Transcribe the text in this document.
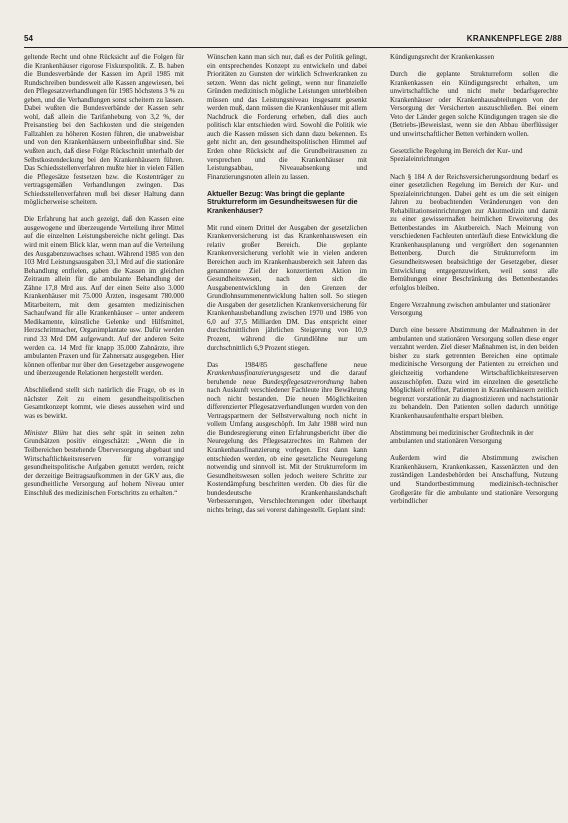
54	KRANKENPFLEGE 2/88

geltende Recht und ohne Rücksicht auf die Folgen für die Krankenhäuser rigorose Fixkurspolitik. Z. B. haben die Bundesverbände der Kassen im April 1985 mit Rundschreiben bundesweit alle Kassen angewiesen, bei den Pflegesatzverhandlungen für 1985 höchstens 3 % zu geben, und die Verhandlungen sonst scheitern zu lassen. Dabei wußten die Bundesverbände der Kassen sehr wohl, daß allein die Tarifanhebung von 3,2 %, der Preisanstieg bei den Sachkosten und die steigenden Fallzahlen zu höheren Kosten führen, die unabweisbar und von den Krankenhäusern unbeeinflußbar sind. Sie wußten auch, daß diese Folge Rückschnitt unterhalb der Selbstkostendeckung bei den Krankenhäusern führen. Das Schiedsstellenverfahren mußte hier in vielen Fällen die Pflegesätze festsetzen bzw. die Kostenträger zu vertragsgemäßen Verhandlungen zwingen. Das Schiedsstellenverfahren muß bei dieser Haltung dann möglicherweise scheitern.

Die Erfahrung hat auch gezeigt, daß den Kassen eine ausgewogene und überzeugende Verteilung ihrer Mittel auf die einzelnen Leistungsbereiche nicht gelingt. Das wird mit einem Blick klar, wenn man auf die Verteilung des Ausgabenzuwachses schaut. Während 1985 von den 103 Mrd Leistungsausgaben 33,1 Mrd auf die stationäre Behandlung entfielen, gaben die Kassen im gleichen Zeitraum allein für die ambulante Behandlung der Zähne 17,8 Mrd aus. Auf der einen Seite also 3.000 Krankenhäuser mit 75.000 Ärzten, insgesamt 780.000 Mitarbeitern, mit dem gesamten medizinischen Sachaufwand für alle Krankenhäuser – unter anderem Medikamente, künstliche Gelenke und Hilfsmittel, Herzschrittmacher, Organimplantate usw. Dafür werden rund 33 Mrd DM aufgewandt. Auf der anderen Seite werden ca. 14 Mrd für knapp 35.000 Zahnärzte, ihre ambulanten Praxen und für Zahnersatz ausgegeben. Hier können offenbar nur über den Gesetzgeber ausgewogene und überzeugende Relationen hergestellt werden.

Abschließend stellt sich natürlich die Frage, ob es in nächster Zeit zu einem gesundheitspolitischen Gesamtkonzept kommt, wie dieses aussehen wird und was es bewirkt.

Minister Blüm hat dies sehr spät in seinen zehn Grundsätzen positiv eingeschätzt: „Wenn die in Teilbereichen bestehende Überversorgung abgebaut und Wirtschaftlichkeitsreserven für vorrangige gesundheitspolitische Aufgaben genutzt werden, reicht der derzeitige Beitragsaufkommen in der GKV aus, die gesundheitliche Versorgung auf hohem Niveau unter Einschluß des medizinischen Fortschritts zu erhalten.“

Wünschen kann man sich nur, daß es der Politik gelingt, ein entsprechendes Konzept zu entwickeln und dabei Prioritäten zu Gunsten der wirklich Schwerkranken zu setzen. Wenn das nicht gelingt, wenn nur finanzielle Gründen medizinisch mögliche Leistungen unterbleiben müssen und das Leistungsniveau insgesamt gesenkt werden muß, dann müssen die Krankenhäuser mit allem Nachdruck die Forderung erheben, daß dies auch politisch klar entschieden wird. Sowohl die Politik wie auch die Kassen müssen sich dann dazu bekennen. Es geht nicht an, den gesundheitspolitischen Himmel auf Erden ohne Rücksicht auf die Grundbeitrausmen zu versprechen und die Krankenhäuser mit Leistungsabbau, Niveauabsenkung und Finanzierungsnoten allein zu lassen.

Aktueller Bezug: Was bringt die geplante Strukturreform im Gesundheitswesen für die Krankenhäuser?

Mit rund einem Drittel der Ausgaben der gesetzlichen Krankenversicherung ist das Krankenhauswesen ein relativ großer Bereich. Die geplante Krankenversicherung verlohlt wie in vielen anderen Bereichen auch im Krankenhausbereich seit Jahren das genannnene Ziel der konzertierten Aktion im Gesundheitswesen, nach dem sich die Ausgabenentwicklung in den Grenzen der Grundlohnsummenentwicklung halten soll. So stiegen die Ausgaben der gesetzlichen Krankenversicherung für Krankenhausbehandlung zwischen 1970 und 1986 von 6,0 auf 37,5 Milliarden DM. Das entspricht einer durchschnittlichen jährlichen Steigerung von 10,9 Prozent, während die Grundlöhne nur um durchschnittlich 6,9 Prozent stiegen.

Das 1984/85 geschaffene neue Krankenhausfinanzierungsgesetz und die darauf beruhende neue Bundespflegesatzverordnung haben nach Auskunft verschiedener Fachleute ihre Bewährung noch nicht bestanden. Die neuen Möglichkeiten differenzierter Pflegesatzverhandlungen wurden von den Vertragspartnern der Selbstverwaltung noch nicht in vollem Umfang ausgeschöpft. Im Jahr 1988 wird nun die Bundesregierung einen Erfahrungsbericht über die Neuregelung des Pflegesatzrechtes im Rahmen der Krankenhausfinanzierung vorlegen. Erst dann kann entschieden werden, ob eine gesetzliche Neuregelung notwendig und sinnvoll ist. Mit der Strukturreform im Gesundheitswesen sollen jedoch weitere Schritte zur Kostendämpfung beschritten werden. Ob dies für die bundesdeutsche Krankenhauslandschaft Verbesserungen, Verschlechterungen oder überhaupt nichts bringt, das sei vorerst dahingestellt. Geplant sind:

Kündigungsrecht der Krankenkassen

Durch die geplante Strukturreform sollen die Krankenkassen ein Kündigungsrecht erhalten, um unwirtschaftliche und nicht mehr bedarfsgerechte Krankenhäuser oder Krankenhausabteilungen von der Versorgung der Versicherten auszuschließen. Bei einem Veto der Länder gegen solche Kündigungen tragen sie die (Betriebs-)Beweislast, wenn sie den Abbau überflüssiger und unwirtschaftlicher Betten verhindern wollen.

Gesetzliche Regelung im Bereich der Kur- und Spezialeinrichtungen

Nach § 184 A der Reichsversicherungsordnung bedarf es einer gesetzlichen Regelung im Bereich der Kur- und Spezialeinrichtungen. Dabei geht es um die seit einigen Jahren zu beobachtenden Veränderungen von den Rehabilitationseinrichtungen zur Akutmedizin und damit zu einer gewissermaßen heimlichen Erweiterung des Bettenbestandes im Akutbereich. Nach Meinung von verschiedenen Fachleuten unterläuft diese Entwicklung die Krankenhausplanung und vergrößert den sogenannten Bettenberg. Durch die Strukturreform im Gesundheitswesen beabsichtige der Gesetzgeber, dieser Entwicklung entgegenzuwirken, weil sonst alle Bemühungen einer Beschränkung des Bettenbestandes erfolglos bleiben.

Engere Verzahnung zwischen ambulanter und stationärer Versorgung

Durch eine bessere Abstimmung der Maßnahmen in der ambulanten und stationären Versorgung sollen diese enger verzahnt werden. Ziel dieser Maßnahmen ist, in den beiden bisher zu stark getrennten Bereichen eine optimale medizinische Versorgung der Patienten zu erreichen und gleichzeitig vorhandene Wirtschaftlichkeitsreserven auszuschöpfen. Dazu wird im einzelnen die gesetzliche Möglichkeit eröffnet, Patienten in Krankenhäusern zeitlich begrenzt vorstationär zu diagnostizieren und nachstationär zu behandeln. Den Patienten sollen dadurch unnötige Krankenhausaufenthalte erspart bleiben.

Abstimmung bei medizinischer Großtechnik in der ambulanten und stationären Versorgung

Außerdem wird die Abstimmung zwischen Krankenhäusern, Krankenkassen, Kassenärzten und den zuständigen Landesbehörden bei Anschaffung, Nutzung und Standortbestimmung medizinisch-technischer Großgeräte für die ambulante und stationäre Versorgung verbindlicher
